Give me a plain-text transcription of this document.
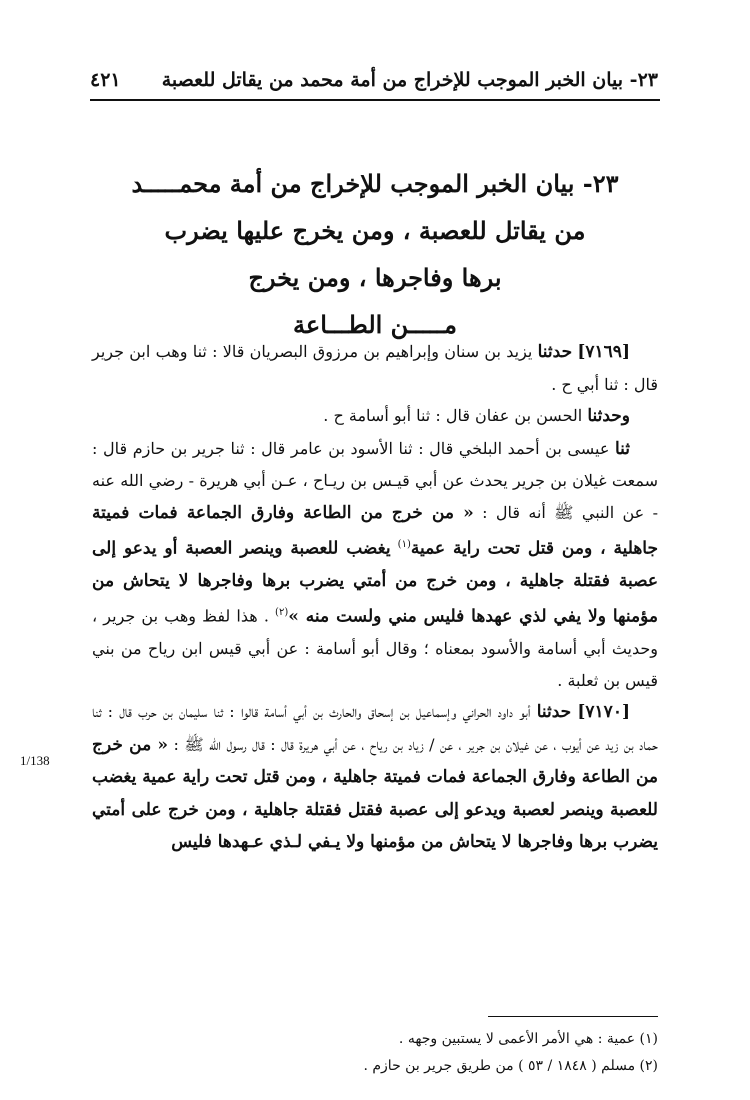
٢٣- بيان الخبر الموجب للإخراج من أمة محمد من يقاتل للعصبة
٤٢١
٢٣- بيان الخبر الموجب للإخراج من أمة محمـــــد
من يقاتل للعصبة ، ومن يخرج عليها يضرب
برها وفاجرها ، ومن يخرج
مـــــن الطـــاعة

[٧١٦٩] حدثنا يزيد بن سنان وإبراهيم بن مرزوق البصريان قالا : ثنا وهب ابن جرير قال : ثنا أبي ح .

وحدثنا الحسن بن عفان قال : ثنا أبو أسامة ح .

ثنا عيسى بن أحمد البلخي قال : ثنا الأسود بن عامر قال : ثنا جرير بن حازم قال : سمعت غيلان بن جرير يحدث عن أبي قيـس بن ريـاح ، عـن أبي هريرة - رضي الله عنه - عن النبي ﷺ أنه قال : « من خرج من الطاعة وفارق الجماعة فمات فميتة جاهلية ، ومن قتل تحت راية عمية$^{(١)}$ يغضب للعصبة وينصر العصبة أو يدعو إلى عصبة فقتلة جاهلية ، ومن خرج من أمتي يضرب برها وفاجرها لا يتحاش من مؤمنها ولا يفي لذي عهدها فليس مني ولست منه »$^{(٢)}$ . هذا لفظ وهب بن جرير ، وحديث أبي أسامة والأسود بمعناه ؛ وقال أبو أسامة : عن أبي قيس ابن رياح من بني قيس بن ثعلبة .

[٧١٧٠] حدثنا أبو داود الحراني وإسماعيل بن إسحاق والحارث بن أبي أسامة قالوا : ثنا سليمان بن حرب قال : ثنا حماد بن زيد عن أيوب ، عن غيلان بن جرير ، عن / زياد بن رياح ، عن أبي هريرة قال : قال رسول الله ﷺ : « من خرج من الطاعة وفارق الجماعة فمات فميتة جاهلية ، ومن قتل تحت راية عمية يغضب للعصبة وينصر لعصبة ويدعو إلى عصبة فقتل فقتلة جاهلية ، ومن خرج على أمتي يضرب برها وفاجرها لا يتحاش من مؤمنها ولا يـفي لـذي عـهدها فليس

1/138

(١) عمية : هي الأمر الأعمى لا يستبين وجهه .

(٢) مسلم ( ١٨٤٨ / ٥٣ ) من طريق جرير بن حازم .
